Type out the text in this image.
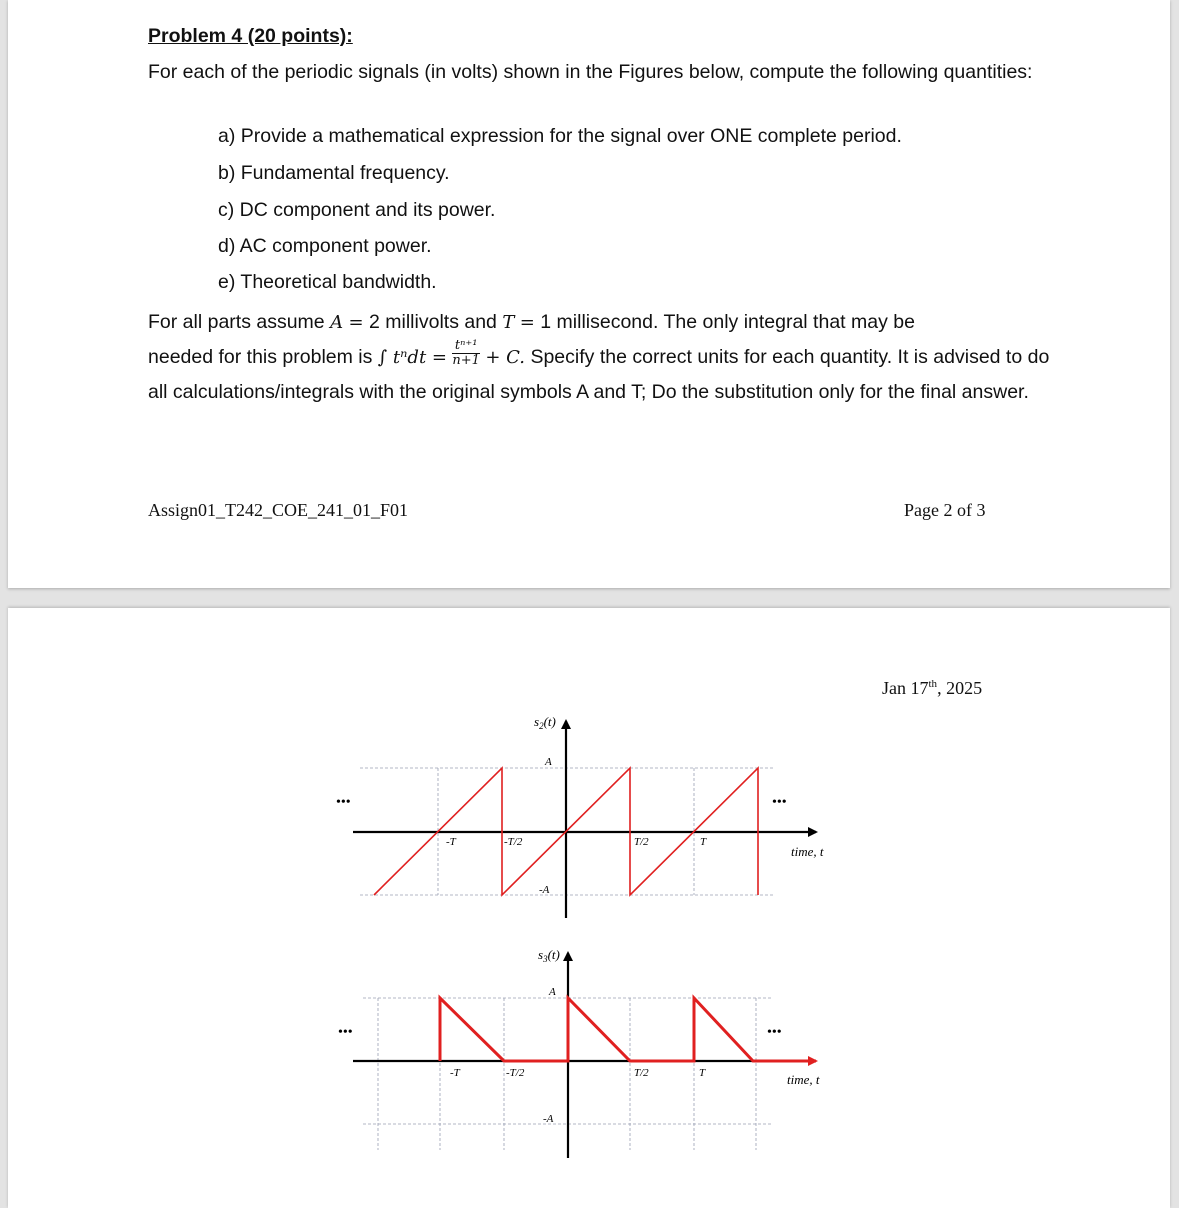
Problem 4 (20 points):
For each of the periodic signals (in volts) shown in the Figures below, compute the following quantities:
a) Provide a mathematical expression for the signal over ONE complete period.
b) Fundamental frequency.
c) DC component and its power.
d) AC component power.
e) Theoretical bandwidth.
For all parts assume A = 2 millivolts and T = 1 millisecond. The only integral that may be
needed for this problem is ∫ $t^ndt = \frac{\text{tⁿ⁺¹}}{n+1} + C$. Specify the correct units for each quantity. It is advised to do all calculations/integrals with the original symbols A and T; Do the substitution only for the final answer.
Assign01_T242_COE_241_01_F01	Page 2 of 3
Jan 17th, 2025
$s_2(t)$
A
-A
-T	-T/2	T/2	T
time, t
•••	•••
$s_3(t)$
A
-A
-T	-T/2	T/2	T	time, t
•••	•••
